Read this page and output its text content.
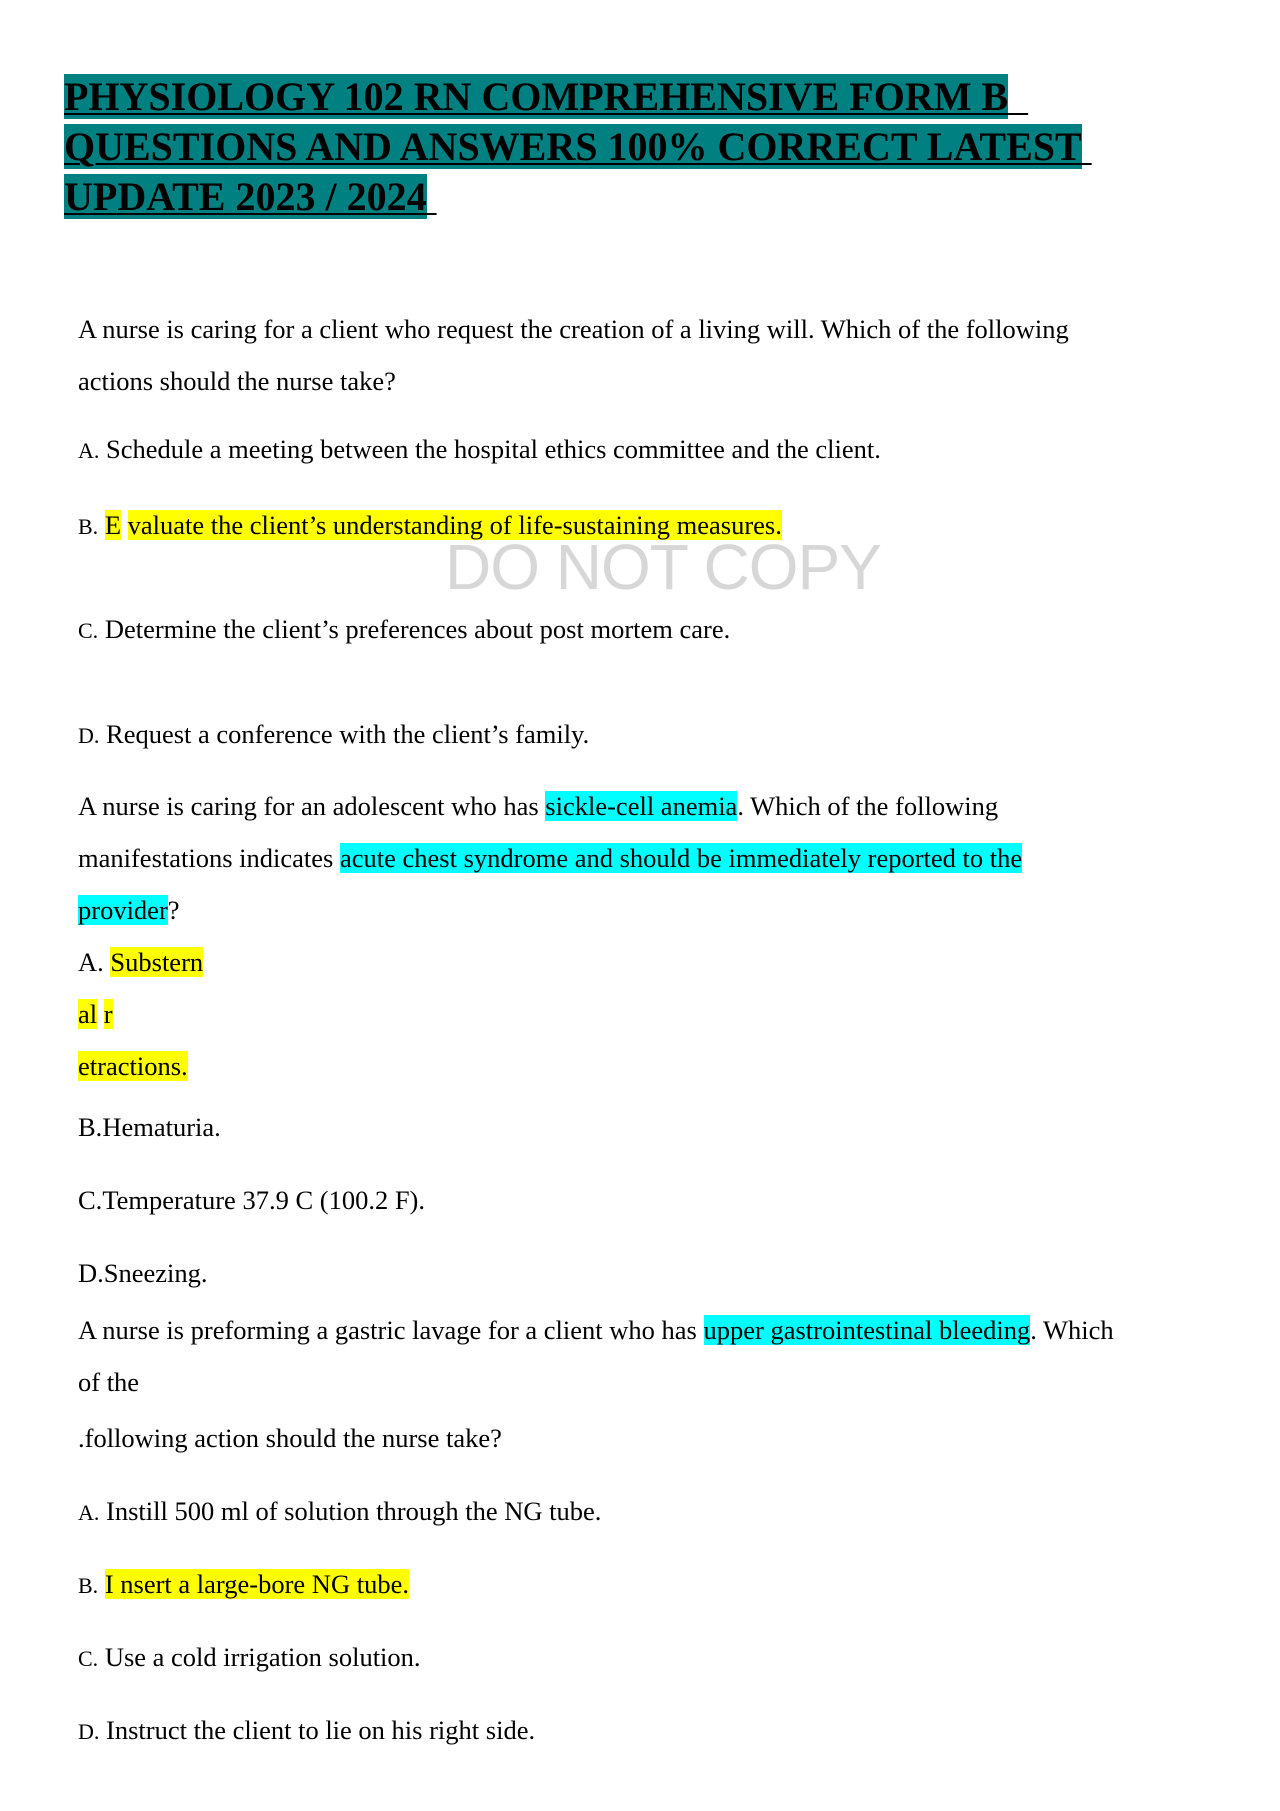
PHYSIOLOGY 102 RN COMPREHENSIVE FORM B
QUESTIONS AND ANSWERS 100% CORRECT LATEST
UPDATE 2023 / 2024
A nurse is caring for a client who request the creation of a living will. Which of the following
actions should the nurse take?
A. Schedule a meeting between the hospital ethics committee and the client.
B. E valuate the client’s understanding of life-sustaining measures.
DO NOT COPY
C. Determine the client’s preferences about post mortem care.
D. Request a conference with the client’s family.
A nurse is caring for an adolescent who has sickle-cell anemia. Which of the following
manifestations indicates acute chest syndrome and should be immediately reported to the
provider?
A. Substern
al r
etractions.
B.Hematuria.
C.Temperature 37.9 C (100.2 F).
D.Sneezing.
A nurse is preforming a gastric lavage for a client who has upper gastrointestinal bleeding. Which
of the
.following action should the nurse take?
A. Instill 500 ml of solution through the NG tube.
B. I nsert a large-bore NG tube.
C. Use a cold irrigation solution.
D. Instruct the client to lie on his right side.
